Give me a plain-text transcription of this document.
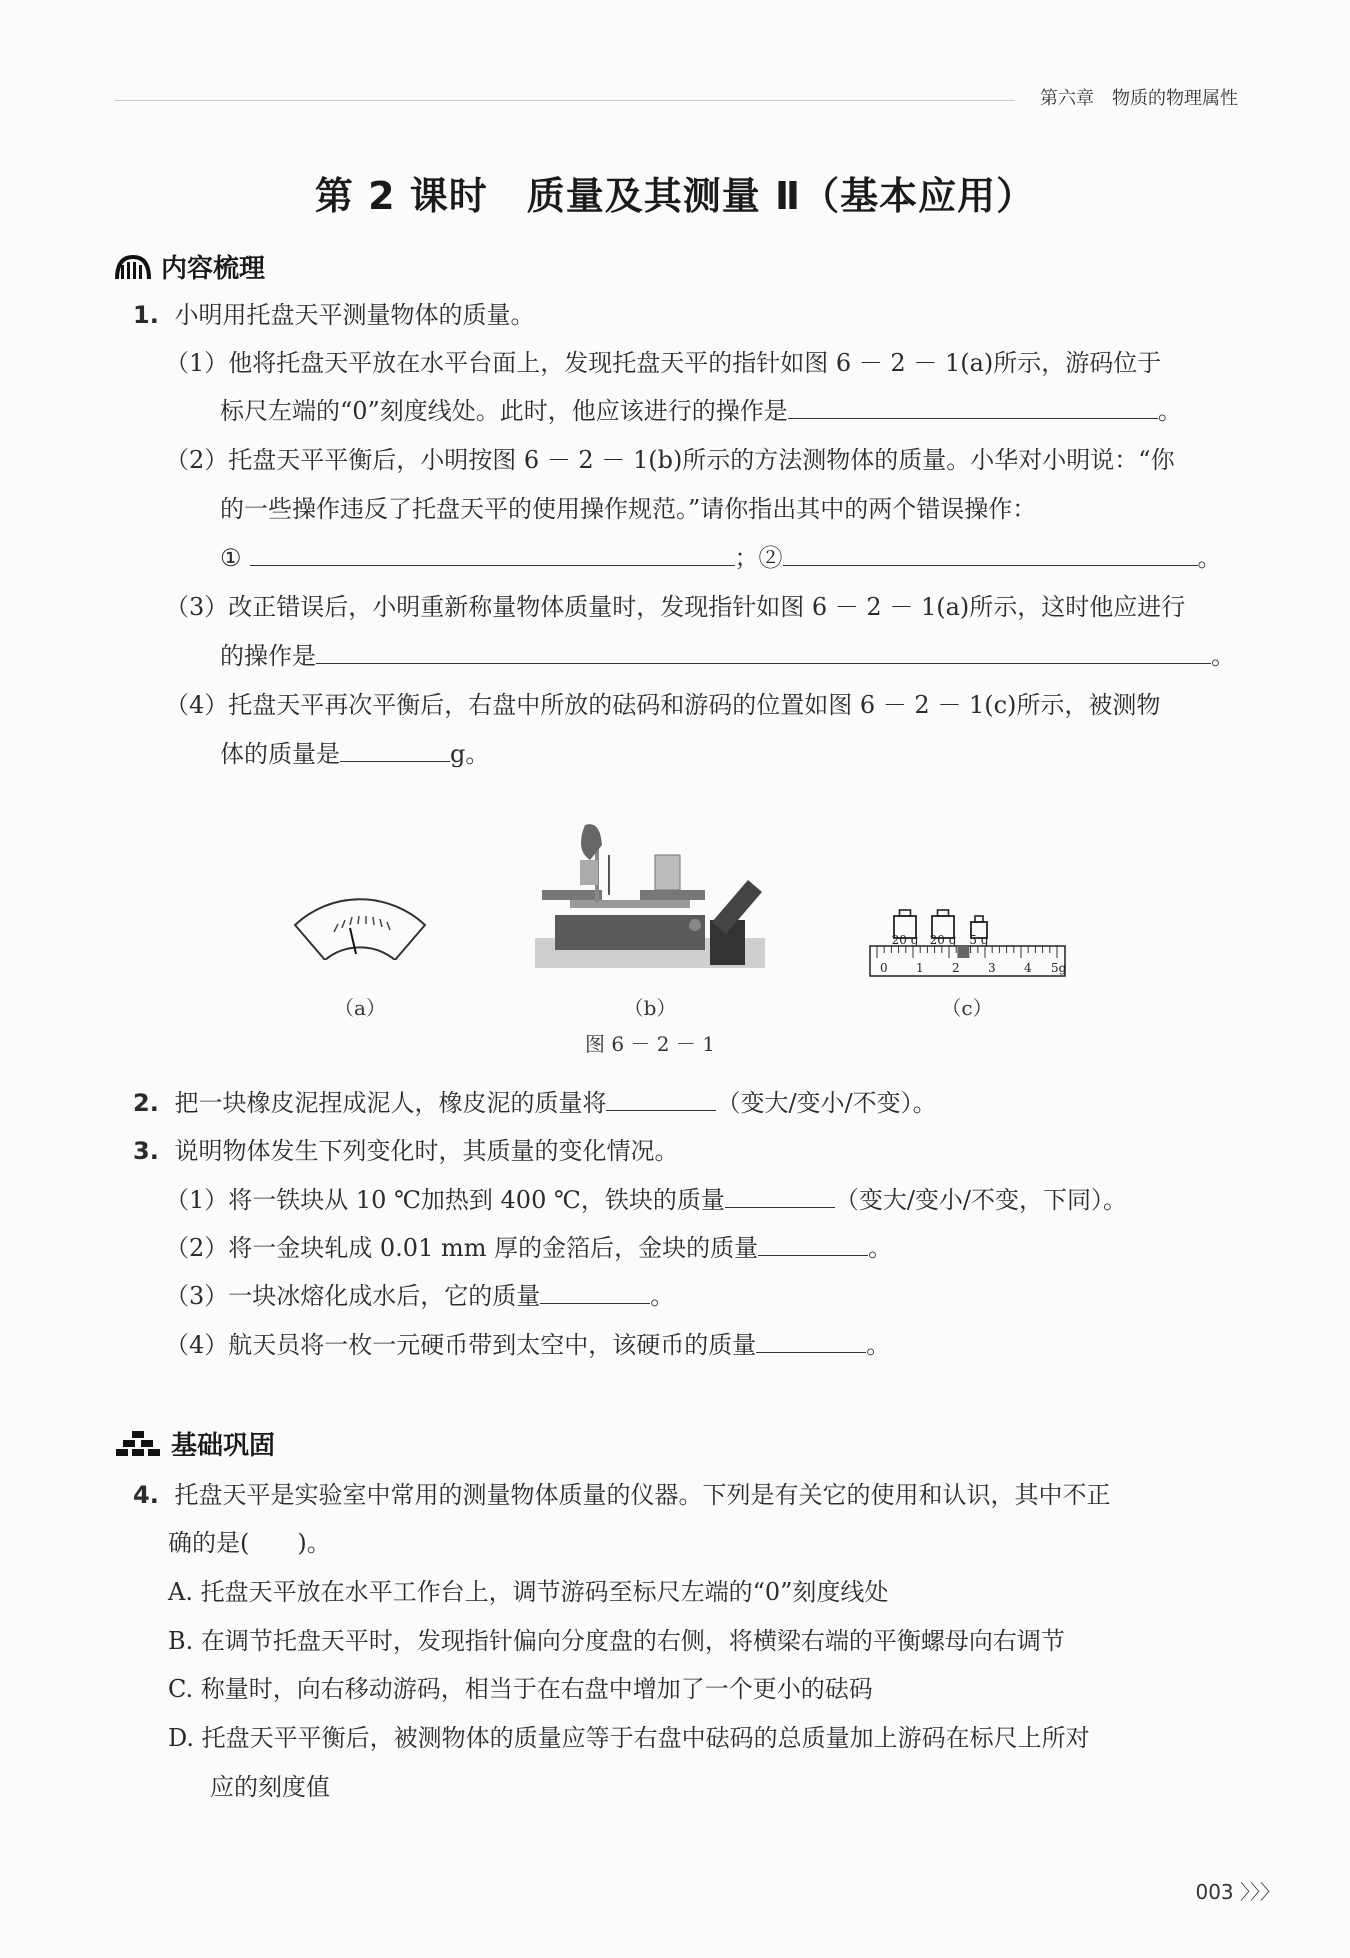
第六章　物质的物理属性
第 2 课时　质量及其测量 Ⅱ（基本应用）
内容梳理
1. 小明用托盘天平测量物体的质量。
（1）他将托盘天平放在水平台面上，发现托盘天平的指针如图 6 － 2 － 1(a)所示，游码位于
标尺左端的“0”刻度线处。此时，他应该进行的操作是	。
（2）托盘天平平衡后，小明按图 6 － 2 － 1(b)所示的方法测物体的质量。小华对小明说：“你
的一些操作违反了托盘天平的使用操作规范。”请你指出其中的两个错误操作：
①	；②	。
（3）改正错误后，小明重新称量物体质量时，发现指针如图 6 － 2 － 1(a)所示，这时他应进行
的操作是	。
（4）托盘天平再次平衡后，右盘中所放的砝码和游码的位置如图 6 － 2 － 1(c)所示，被测物
体的质量是	g。
20 g 20 g 5 g
0 1 2 3 4 5g
（a）	（b）	（c）
图 6 － 2 － 1
2. 把一块橡皮泥捏成泥人，橡皮泥的质量将	（变大/变小/不变）。
3. 说明物体发生下列变化时，其质量的变化情况。
（1）将一铁块从 10 ℃加热到 400 ℃，铁块的质量	（变大/变小/不变，下同）。
（2）将一金块轧成 0.01 mm 厚的金箔后，金块的质量	。
（3）一块冰熔化成水后，它的质量	。
（4）航天员将一枚一元硬币带到太空中，该硬币的质量	。
基础巩固
4. 托盘天平是实验室中常用的测量物体质量的仪器。下列是有关它的使用和认识，其中不正
确的是(　　)。
A. 托盘天平放在水平工作台上，调节游码至标尺左端的“0”刻度线处
B. 在调节托盘天平时，发现指针偏向分度盘的右侧，将横梁右端的平衡螺母向右调节
C. 称量时，向右移动游码，相当于在右盘中增加了一个更小的砝码
D. 托盘天平平衡后，被测物体的质量应等于右盘中砝码的总质量加上游码在标尺上所对
应的刻度值
003 〉〉〉
